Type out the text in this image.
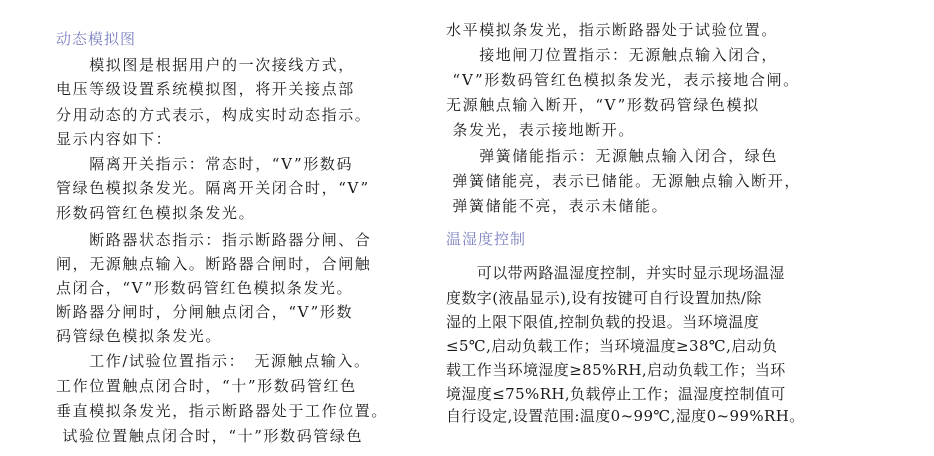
动态模拟图
　　模拟图是根据用户的一次接线方式，
电压等级设置系统模拟图，将开关接点部
分用动态的方式表示，构成实时动态指示。
显示内容如下：
　　隔离开关指示：常态时，“V”形数码
管绿色模拟条发光。隔离开关闭合时，“V”
形数码管红色模拟条发光。
　　断路器状态指示：指示断路器分闸、合
闸，无源触点输入。断路器合闸时，合闸触
点闭合，“V”形数码管红色模拟条发光。
断路器分闸时，分闸触点闭合，“V”形数
码管绿色模拟条发光。
　　工作/试验位置指示：　无源触点输入。
工作位置触点闭合时，“十”形数码管红色
垂直模拟条发光，指示断路器处于工作位置。
试验位置触点闭合时，“十”形数码管绿色
水平模拟条发光，指示断路器处于试验位置。
　　接地闸刀位置指示：无源触点输入闭合，
“V”形数码管红色模拟条发光，表示接地合闸。
无源触点输入断开，“V”形数码管绿色模拟
条发光，表示接地断开。
　　弹簧储能指示：无源触点输入闭合，绿色
弹簧储能亮，表示已储能。无源触点输入断开，
弹簧储能不亮，表示未储能。
温湿度控制
　　可以带两路温湿度控制，并实时显示现场温湿
度数字(液晶显示),设有按键可自行设置加热/除
湿的上限下限值,控制负载的投退。当环境温度
≤5℃,启动负载工作；当环境温度≥38℃,启动负
载工作当环境湿度≥85%RH,启动负载工作；当环
境湿度≤75%RH,负载停止工作；温湿度控制值可
自行设定,设置范围:温度0~99℃,湿度0~99%RH。
